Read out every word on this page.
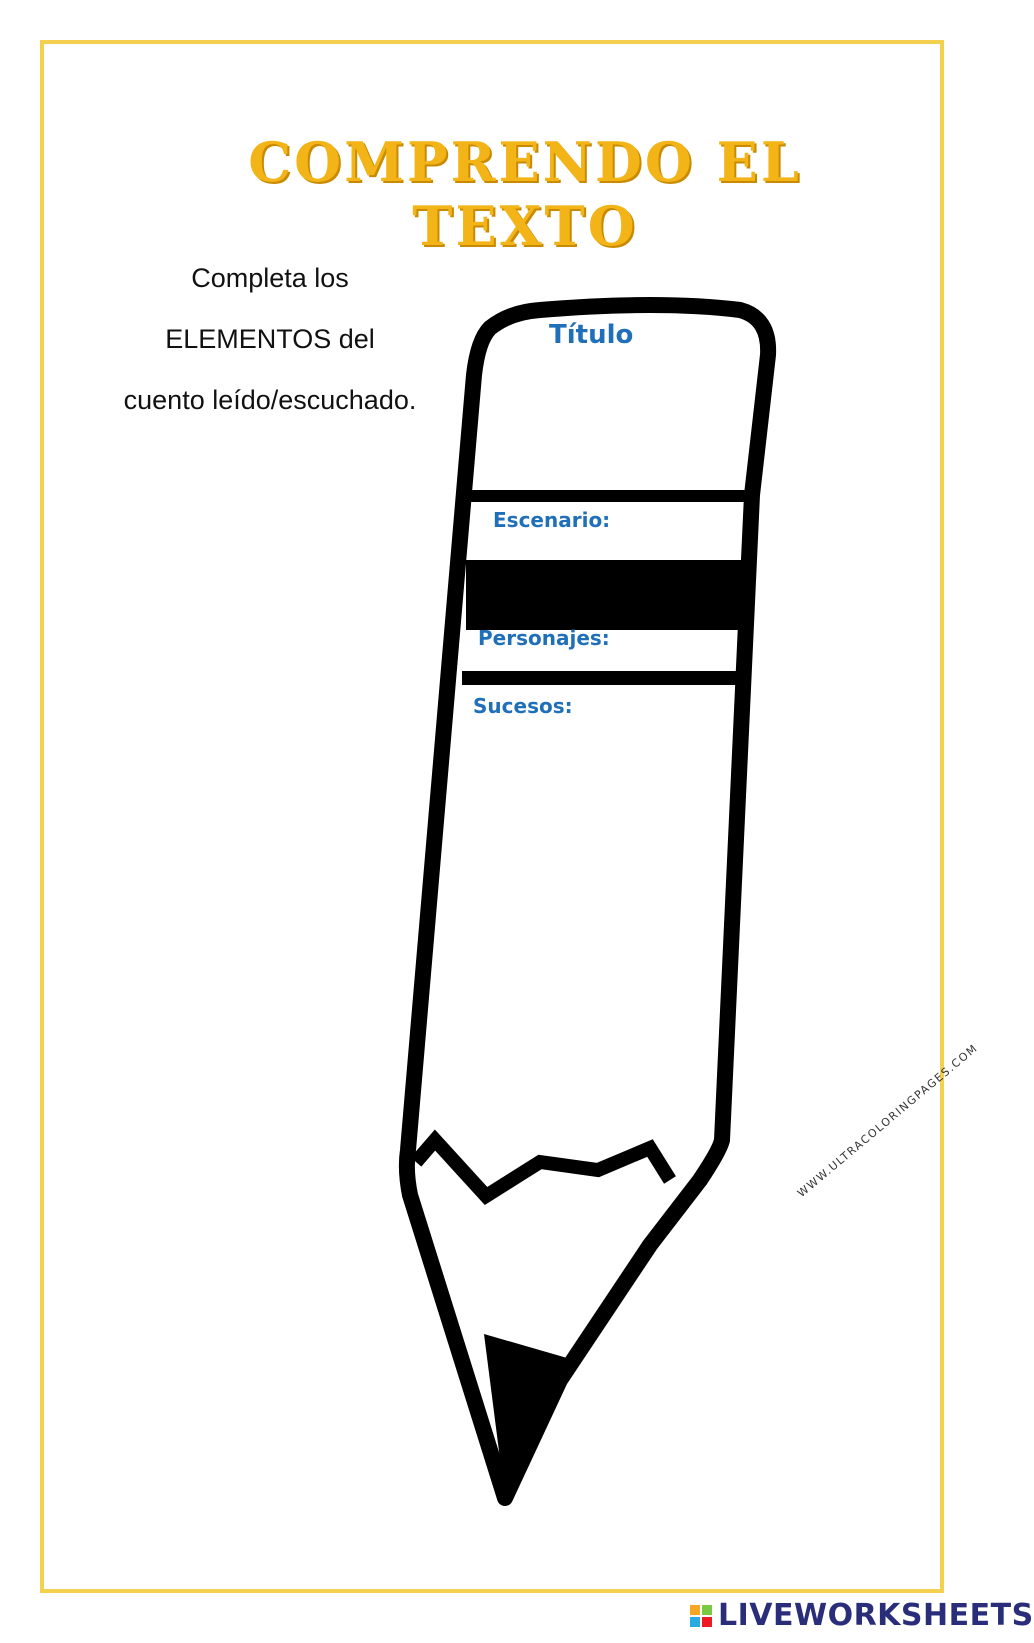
COMPRENDO EL TEXTO
Completa los
ELEMENTOS del
cuento leído/escuchado.
Título
Escenario:
Personajes:
Sucesos:
WWW.ULTRACOLORINGPAGES.COM
LIVEWORKSHEETS
